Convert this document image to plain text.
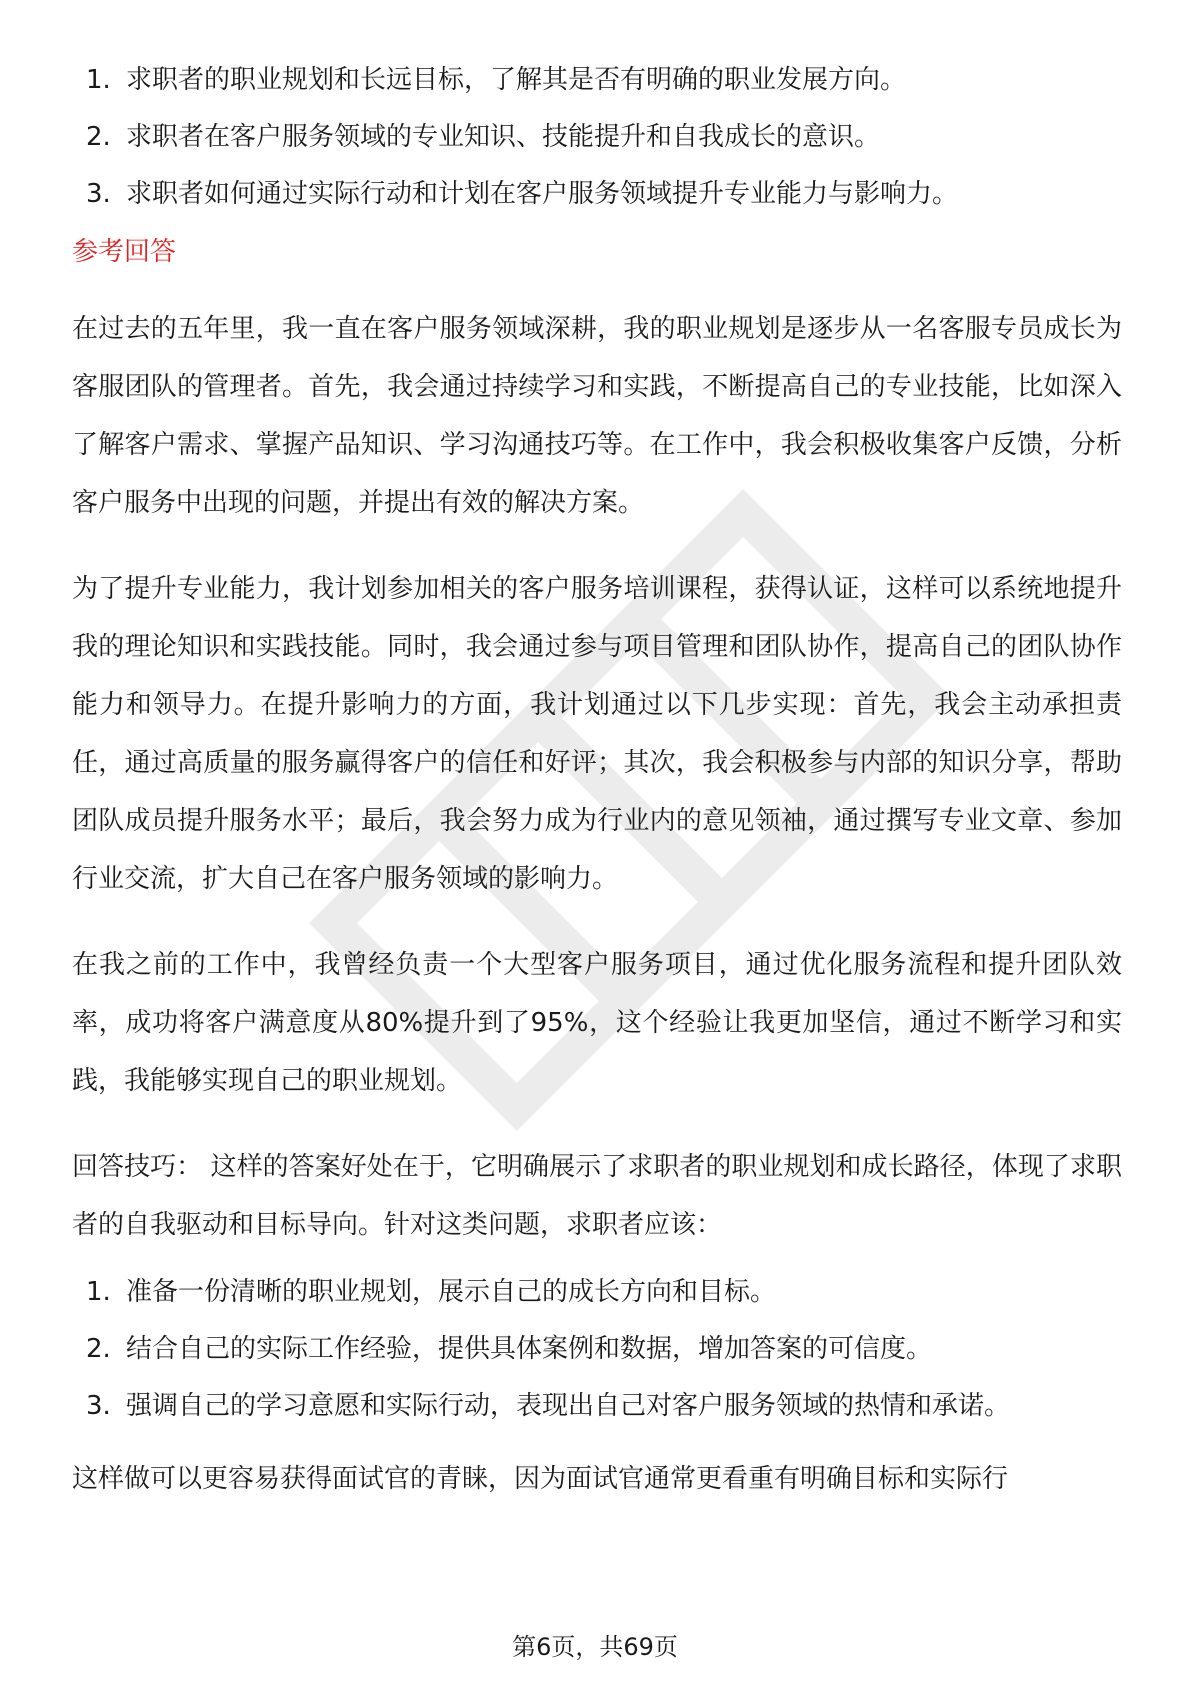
1. 求职者的职业规划和长远目标，了解其是否有明确的职业发展方向。
2. 求职者在客户服务领域的专业知识、技能提升和自我成长的意识。
3. 求职者如何通过实际行动和计划在客户服务领域提升专业能力与影响力。
参考回答

在过去的五年里，我一直在客户服务领域深耕，我的职业规划是逐步从一名客服专员成长为客服团队的管理者。首先，我会通过持续学习和实践，不断提高自己的专业技能，比如深入了解客户需求、掌握产品知识、学习沟通技巧等。在工作中，我会积极收集客户反馈，分析客户服务中出现的问题，并提出有效的解决方案。

为了提升专业能力，我计划参加相关的客户服务培训课程，获得认证，这样可以系统地提升我的理论知识和实践技能。同时，我会通过参与项目管理和团队协作，提高自己的团队协作能力和领导力。在提升影响力的方面，我计划通过以下几步实现：首先，我会主动承担责任，通过高质量的服务赢得客户的信任和好评；其次，我会积极参与内部的知识分享，帮助团队成员提升服务水平；最后，我会努力成为行业内的意见领袖，通过撰写专业文章、参加行业交流，扩大自己在客户服务领域的影响力。

在我之前的工作中，我曾经负责一个大型客户服务项目，通过优化服务流程和提升团队效率，成功将客户满意度从80%提升到了95%，这个经验让我更加坚信，通过不断学习和实践，我能够实现自己的职业规划。

回答技巧： 这样的答案好处在于，它明确展示了求职者的职业规划和成长路径，体现了求职者的自我驱动和目标导向。针对这类问题，求职者应该：

1. 准备一份清晰的职业规划，展示自己的成长方向和目标。
2. 结合自己的实际工作经验，提供具体案例和数据，增加答案的可信度。
3. 强调自己的学习意愿和实际行动，表现出自己对客户服务领域的热情和承诺。

这样做可以更容易获得面试官的青睐，因为面试官通常更看重有明确目标和实际行

第6页，共69页
